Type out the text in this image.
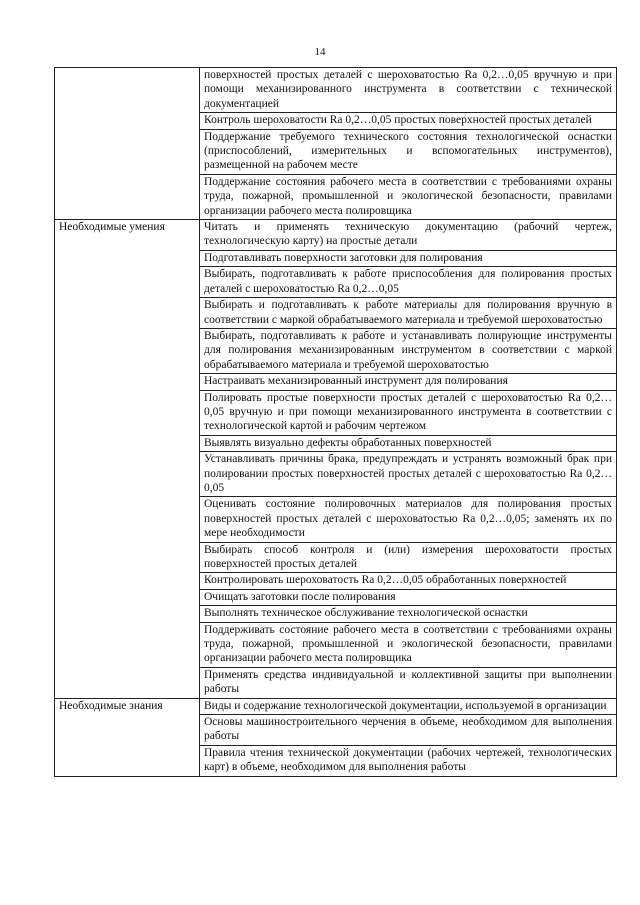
14
	поверхностей простых деталей с шероховатостью Ra 0,2…0,05 вручную и при помощи механизированного инструмента в соответствии с технической документацией
	Контроль шероховатости Ra 0,2…0,05 простых поверхностей простых деталей
	Поддержание требуемого технического состояния технологической оснастки (приспособлений, измерительных и вспомогательных инструментов), размещенной на рабочем месте
	Поддержание состояния рабочего места в соответствии с требованиями охраны труда, пожарной, промышленной и экологической безопасности, правилами организации рабочего места полировщика
Необходимые умения	Читать и применять техническую документацию (рабочий чертеж, технологическую карту) на простые детали
	Подготавливать поверхности заготовки для полирования
	Выбирать, подготавливать к работе приспособления для полирования простых деталей с шероховатостью Ra 0,2…0,05
	Выбирать и подготавливать к работе материалы для полирования вручную в соответствии с маркой обрабатываемого материала и требуемой шероховатостью
	Выбирать, подготавливать к работе и устанавливать полирующие инструменты для полирования механизированным инструментом в соответствии с маркой обрабатываемого материала и требуемой шероховатостью
	Настраивать механизированный инструмент для полирования
	Полировать простые поверхности простых деталей с шероховатостью Ra 0,2…0,05 вручную и при помощи механизированного инструмента в соответствии с технологической картой и рабочим чертежом
	Выявлять визуально дефекты обработанных поверхностей
	Устанавливать причины брака, предупреждать и устранять возможный брак при полировании простых поверхностей простых деталей с шероховатостью Ra 0,2…0,05
	Оценивать состояние полировочных материалов для полирования простых поверхностей простых деталей с шероховатостью Ra 0,2…0,05; заменять их по мере необходимости
	Выбирать способ контроля и (или) измерения шероховатости простых поверхностей простых деталей
	Контролировать шероховатость Ra 0,2…0,05 обработанных поверхностей
	Очищать заготовки после полирования
	Выполнять техническое обслуживание технологической оснастки
	Поддерживать состояние рабочего места в соответствии с требованиями охраны труда, пожарной, промышленной и экологической безопасности, правилами организации рабочего места полировщика
	Применять средства индивидуальной и коллективной защиты при выполнении работы
Необходимые знания	Виды и содержание технологической документации, используемой в организации
	Основы машиностроительного черчения в объеме, необходимом для выполнения работы
	Правила чтения технической документации (рабочих чертежей, технологических карт) в объеме, необходимом для выполнения работы
